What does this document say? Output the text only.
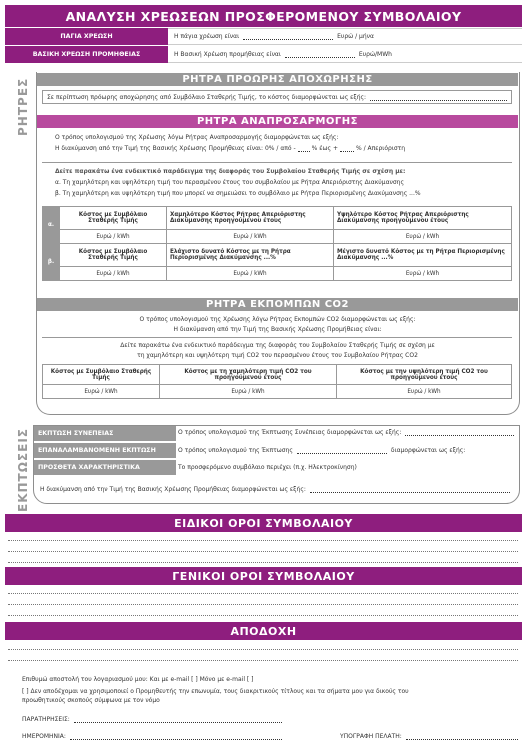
ΑΝΑΛΥΣΗ ΧΡΕΩΣΕΩΝ ΠΡΟΣΦΕΡΟΜΕΝΟΥ ΣΥΜΒΟΛΑΙΟΥ
ΠΑΓΙΑ ΧΡΕΩΣΗ	Η πάγια χρέωση είναι	Ευρώ / μήνα
ΒΑΣΙΚΗ ΧΡΕΩΣΗ ΠΡΟΜΗΘΕΙΑΣ	Η Βασική Χρέωση προμήθειας είναι	Ευρώ/MWh
ΡΗΤΡΕΣ	ΡΗΤΡΑ ΠΡΟΩΡΗΣ ΑΠΟΧΩΡΗΣΗΣ
Σε περίπτωση πρόωρης αποχώρησης από Συμβόλαιο Σταθερής Τιμής, το κόστος διαμορφώνεται ως εξής:
ΡΗΤΡΑ ΑΝΑΠΡΟΣΑΡΜΟΓΗΣ
Ο τρόπος υπολογισμού της Χρέωσης λόγω Ρήτρας Αναπροσαρμογής διαμορφώνεται ως εξής:
Η διακύμανση από την Τιμή της Βασικής Χρέωσης Προμήθειας είναι: 0% / από -	% έως +	% / Απεριόριστη
Δείτε παρακάτω ένα ενδεικτικό παράδειγμα της διαφοράς του Συμβολαίου Σταθερής Τιμής σε σχέση με:
α. Τη χαμηλότερη και υψηλότερη τιμή του περασμένου έτους του συμβολαίου με Ρήτρα Απεριόριστης Διακύμανσης
β. Τη χαμηλότερη και υψηλότερη τιμή που μπορεί να σημειώσει το συμβόλαιο με Ρήτρα Περιορισμένης Διακύμανσης ...%
α.	Κόστος με Συμβόλαιο Σταθερής Τιμής	Χαμηλότερο Κόστος Ρήτρας Απεριόριστης Διακύμανσης προηγούμενου έτους	Υψηλότερο Κόστος Ρήτρας Απεριόριστης Διακύμανσης προηγούμενου έτους
	Ευρώ / kWh	Ευρώ / kWh	Ευρώ / kWh
β.	Κόστος με Συμβόλαιο Σταθερής Τιμής	Ελάχιστο δυνατό Κόστος με τη Ρήτρα Περιορισμένης Διακύμανσης ...%	Μέγιστο δυνατό Κόστος με τη Ρήτρα Περιορισμένης Διακύμανσης ...%
	Ευρώ / kWh	Ευρώ / kWh	Ευρώ / kWh
ΡΗΤΡΑ ΕΚΠΟΜΠΩΝ CO2
Ο τρόπος υπολογισμού της Χρέωσης λόγω Ρήτρας Εκπομπών CO2 διαμορφώνεται ως εξής:
Η διακύμανση από την Τιμή της Βασικής Χρέωσης Προμήθειας είναι:
Δείτε παρακάτω ένα ενδεικτικό παράδειγμα της διαφοράς του Συμβολαίου Σταθερής Τιμής σε σχέση με
τη χαμηλότερη και υψηλότερη τιμή CO2 του περασμένου έτους του Συμβολαίου Ρήτρας CO2
Κόστος με Συμβόλαιο Σταθερής Τιμής	Κόστος με τη χαμηλότερη τιμή CO2 του προηγούμενου έτους	Κόστος με την υψηλότερη τιμή CO2 του προηγούμενου έτους
Ευρώ / kWh	Ευρώ / kWh	Ευρώ / kWh
ΕΚΠΤΩΣΕΙΣ	ΕΚΠΤΩΣΗ ΣΥΝΕΠΕΙΑΣ	Ο τρόπος υπολογισμού της Έκπτωσης Συνέπειας διαμορφώνεται ως εξής:
ΕΠΑΝΑΛΑΜΒΑΝΟΜΕΝΗ ΕΚΠΤΩΣΗ	Ο τρόπος υπολογισμού της Έκπτωσης	διαμορφώνεται ως εξής:
ΠΡΟΣΘΕΤΑ ΧΑΡΑΚΤΗΡΙΣΤΙΚΑ	Το προσφερόμενο συμβόλαιο περιέχει (π.χ. Ηλεκτροκίνηση)
Η διακύμανση από την Τιμή της Βασικής Χρέωσης Προμήθειας διαμορφώνεται ως εξής:
ΕΙΔΙΚΟΙ ΟΡΟΙ ΣΥΜΒΟΛΑΙΟΥ
ΓΕΝΙΚΟΙ ΟΡΟΙ ΣΥΜΒΟΛΑΙΟΥ
ΑΠΟΔΟΧΗ
Επιθυμώ αποστολή του λογαριασμού μου: Και με e-mail [ ] Μόνο με e-mail [ ]
[ ] Δεν αποδέχομαι να χρησιμοποιεί ο Προμηθευτής την επωνυμία, τους διακριτικούς τίτλους και τα σήματα μου για δικούς του
προωθητικούς σκοπούς σύμφωνα με τον νόμο
ΠΑΡΑΤΗΡΗΣΕΙΣ:
ΗΜΕΡΟΜΗΝΙΑ:	ΥΠΟΓΡΑΦΗ ΠΕΛΑΤΗ:
